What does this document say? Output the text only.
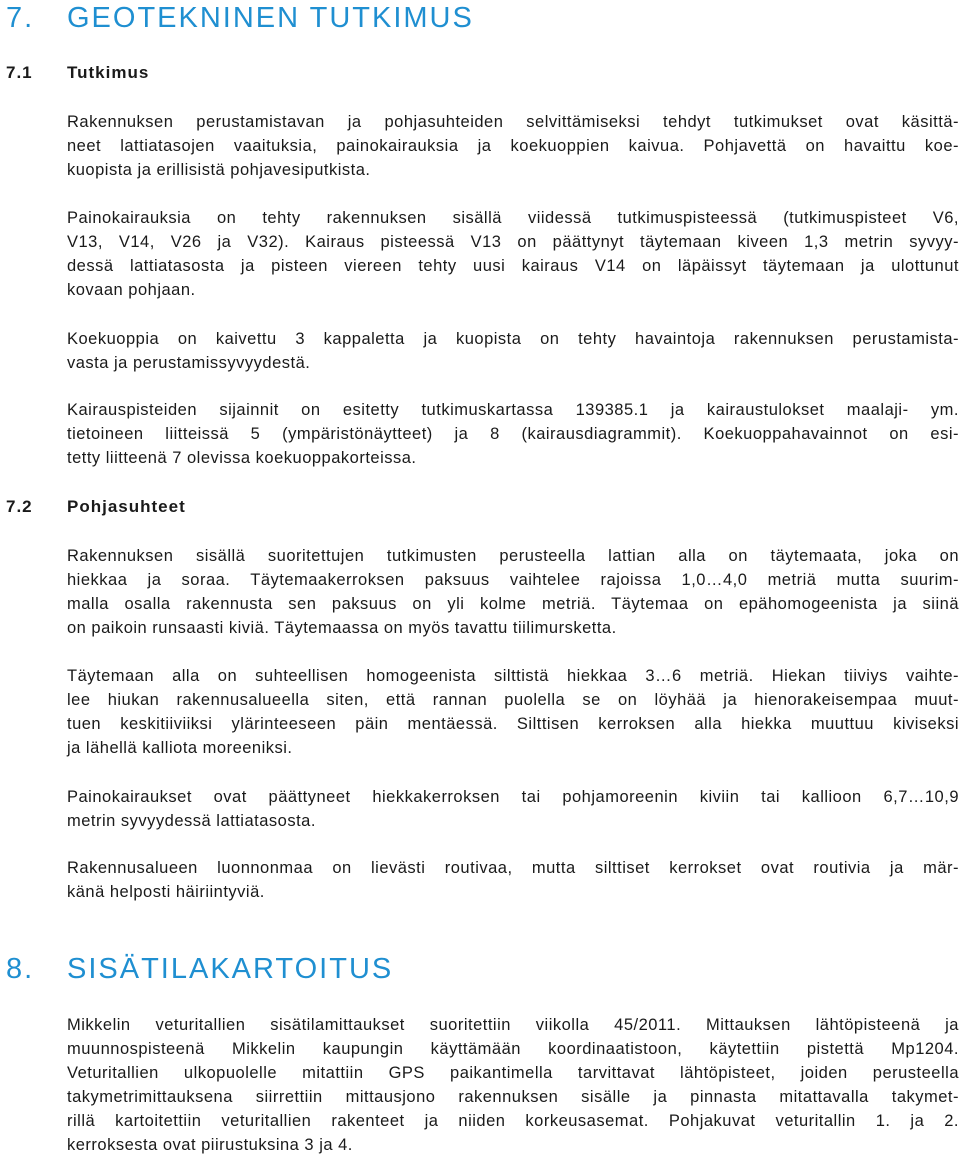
7. GEOTEKNINEN TUTKIMUS
7.1 Tutkimus
Rakennuksen perustamistavan ja pohjasuhteiden selvittämiseksi tehdyt tutkimukset ovat käsittä-
neet lattiatasojen vaaituksia, painokairauksia ja koekuoppien kaivua. Pohjavettä on havaittu koe-
kuopista ja erillisistä pohjavesiputkista.
Painokairauksia on tehty rakennuksen sisällä viidessä tutkimuspisteessä (tutkimuspisteet V6,
V13, V14, V26 ja V32). Kairaus pisteessä V13 on päättynyt täytemaan kiveen 1,3 metrin syvyy-
dessä lattiatasosta ja pisteen viereen tehty uusi kairaus V14 on läpäissyt täytemaan ja ulottunut
kovaan pohjaan.
Koekuoppia on kaivettu 3 kappaletta ja kuopista on tehty havaintoja rakennuksen perustamista-
vasta ja perustamissyvyydestä.
Kairauspisteiden sijainnit on esitetty tutkimuskartassa 139385.1 ja kairaustulokset maalaji- ym.
tietoineen liitteissä 5 (ympäristönäytteet) ja 8 (kairausdiagrammit). Koekuoppahavainnot on esi-
tetty liitteenä 7 olevissa koekuoppakorteissa.
7.2 Pohjasuhteet
Rakennuksen sisällä suoritettujen tutkimusten perusteella lattian alla on täytemaata, joka on
hiekkaa ja soraa. Täytemaakerroksen paksuus vaihtelee rajoissa 1,0…4,0 metriä mutta suurim-
malla osalla rakennusta sen paksuus on yli kolme metriä. Täytemaa on epähomogeenista ja siinä
on paikoin runsaasti kiviä. Täytemaassa on myös tavattu tiilimursketta.
Täytemaan alla on suhteellisen homogeenista silttistä hiekkaa 3…6 metriä. Hiekan tiiviys vaihte-
lee hiukan rakennusalueella siten, että rannan puolella se on löyhää ja hienorakeisempaa muut-
tuen keskitiiviiksi ylärinteeseen päin mentäessä. Silttisen kerroksen alla hiekka muuttuu kiviseksi
ja lähellä kalliota moreeniksi.
Painokairaukset ovat päättyneet hiekkakerroksen tai pohjamoreenin kiviin tai kallioon 6,7…10,9
metrin syvyydessä lattiatasosta.
Rakennusalueen luonnonmaa on lievästi routivaa, mutta silttiset kerrokset ovat routivia ja mär-
känä helposti häiriintyviä.
8. SISÄTILAKARTOITUS
Mikkelin veturitallien sisätilamittaukset suoritettiin viikolla 45/2011. Mittauksen lähtöpisteenä ja
muunnospisteenä Mikkelin kaupungin käyttämään koordinaatistoon, käytettiin pistettä Mp1204.
Veturitallien ulkopuolelle mitattiin GPS paikantimella tarvittavat lähtöpisteet, joiden perusteella
takymetrimittauksena siirrettiin mittausjono rakennuksen sisälle ja pinnasta mitattavalla takymet-
rillä kartoitettiin veturitallien rakenteet ja niiden korkeusasemat. Pohjakuvat veturitallin 1. ja 2.
kerroksesta ovat piirustuksina 3 ja 4.
